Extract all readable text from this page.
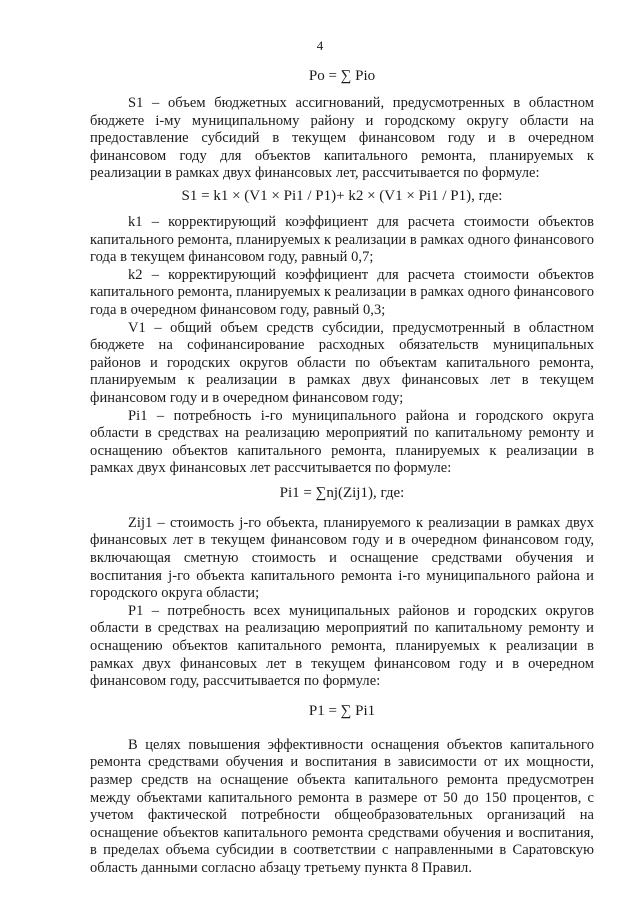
4
Pо = ∑ Pio

S1 – объем бюджетных ассигнований, предусмотренных в областном бюджете i-му муниципальному району и городскому округу области на предоставление субсидий в текущем финансовом году и в очередном финансовом году для объектов капитального ремонта, планируемых к реализации в рамках двух финансовых лет, рассчитывается по формуле:

S1 = k1 × (V1 × Pi1 / P1)+ k2 × (V1 × Pi1 / P1), где:

k1 – корректирующий коэффициент для расчета стоимости объектов капитального ремонта, планируемых к реализации в рамках одного финансового года в текущем финансовом году, равный 0,7;

k2 – корректирующий коэффициент для расчета стоимости объектов капитального ремонта, планируемых к реализации в рамках одного финансового года в очередном финансовом году, равный 0,3;

V1 – общий объем средств субсидии, предусмотренный в областном бюджете на софинансирование расходных обязательств муниципальных районов и городских округов области по объектам капитального ремонта, планируемым к реализации в рамках двух финансовых лет в текущем финансовом году и в очередном финансовом году;

Pi1 – потребность i-го муниципального района и городского округа области в средствах на реализацию мероприятий по капитальному ремонту и оснащению объектов капитального ремонта, планируемых к реализации в рамках двух финансовых лет рассчитывается по формуле:

Pi1 = ∑nj(Zij1), где:

Zij1 – стоимость j-го объекта, планируемого к реализации в рамках двух финансовых лет в текущем финансовом году и в очередном финансовом году, включающая сметную стоимость и оснащение средствами обучения и воспитания j-го объекта капитального ремонта i-го муниципального района и городского округа области;

P1 – потребность всех муниципальных районов и городских округов области в средствах на реализацию мероприятий по капитальному ремонту и оснащению объектов капитального ремонта, планируемых к реализации в рамках двух финансовых лет в текущем финансовом году и в очередном финансовом году, рассчитывается по формуле:

P1 = ∑ Pi1

В целях повышения эффективности оснащения объектов капитального ремонта средствами обучения и воспитания в зависимости от их мощности, размер средств на оснащение объекта капитального ремонта предусмотрен между объектами капитального ремонта в размере от 50 до 150 процентов, с учетом фактической потребности общеобразовательных организаций на оснащение объектов капитального ремонта средствами обучения и воспитания, в пределах объема субсидии в соответствии с направленными в Саратовскую область данными согласно абзацу третьему пункта 8 Правил.
